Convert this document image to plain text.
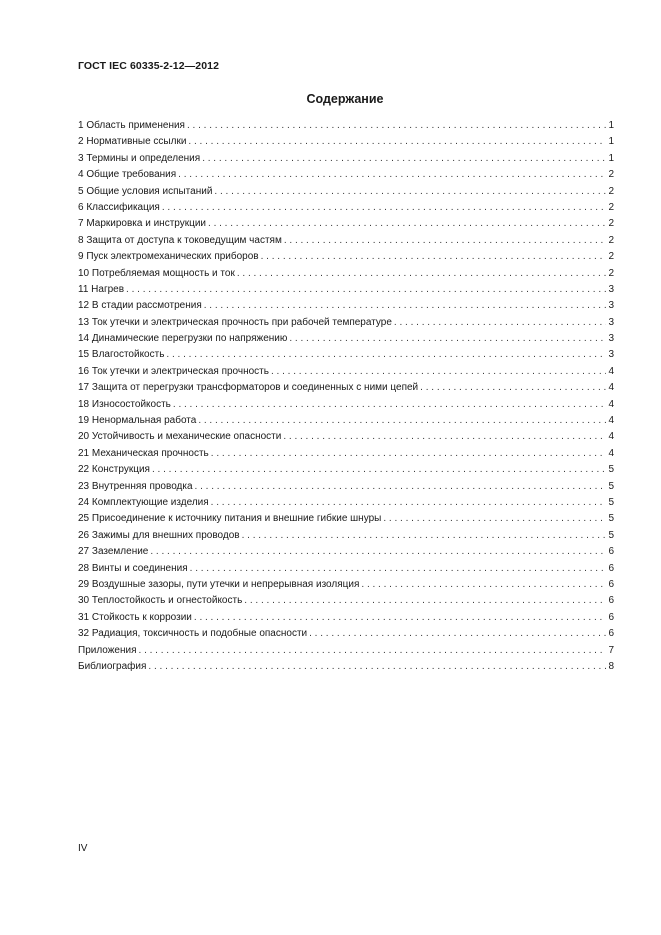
ГОСТ IEC 60335-2-12—2012
Содержание
1 Область применения . . .	1
2 Нормативные ссылки . . .	1
3 Термины и определения . . .	1
4 Общие требования . . .	2
5 Общие условия испытаний . . .	2
6 Классификация . . .	2
7 Маркировка и инструкции . . .	2
8 Защита от доступа к токоведущим частям . . .	2
9 Пуск электромеханических приборов . . .	2
10 Потребляемая мощность и ток . . .	2
11 Нагрев . . .	3
12 В стадии рассмотрения . . .	3
13 Ток утечки и электрическая прочность при рабочей температуре . . .	3
14 Динамические перегрузки по напряжению . . .	3
15 Влагостойкость . . .	3
16 Ток утечки и электрическая прочность . . .	4
17 Защита от перегрузки трансформаторов и соединенных с ними цепей . . .	4
18 Износостойкость . . .	4
19 Ненормальная работа . . .	4
20 Устойчивость и механические опасности . . .	4
21 Механическая прочность . . .	4
22 Конструкция . . .	5
23 Внутренняя проводка . . .	5
24 Комплектующие изделия . . .	5
25 Присоединение к источнику питания и внешние гибкие шнуры . . .	5
26 Зажимы для внешних проводов . . .	5
27 Заземление . . .	6
28 Винты и соединения . . .	6
29 Воздушные зазоры, пути утечки и непрерывная изоляция . . .	6
30 Теплостойкость и огнестойкость . . .	6
31 Стойкость к коррозии . . .	6
32 Радиация, токсичность и подобные опасности . . .	6
Приложения . . .	7
Библиография . . .	8
IV
